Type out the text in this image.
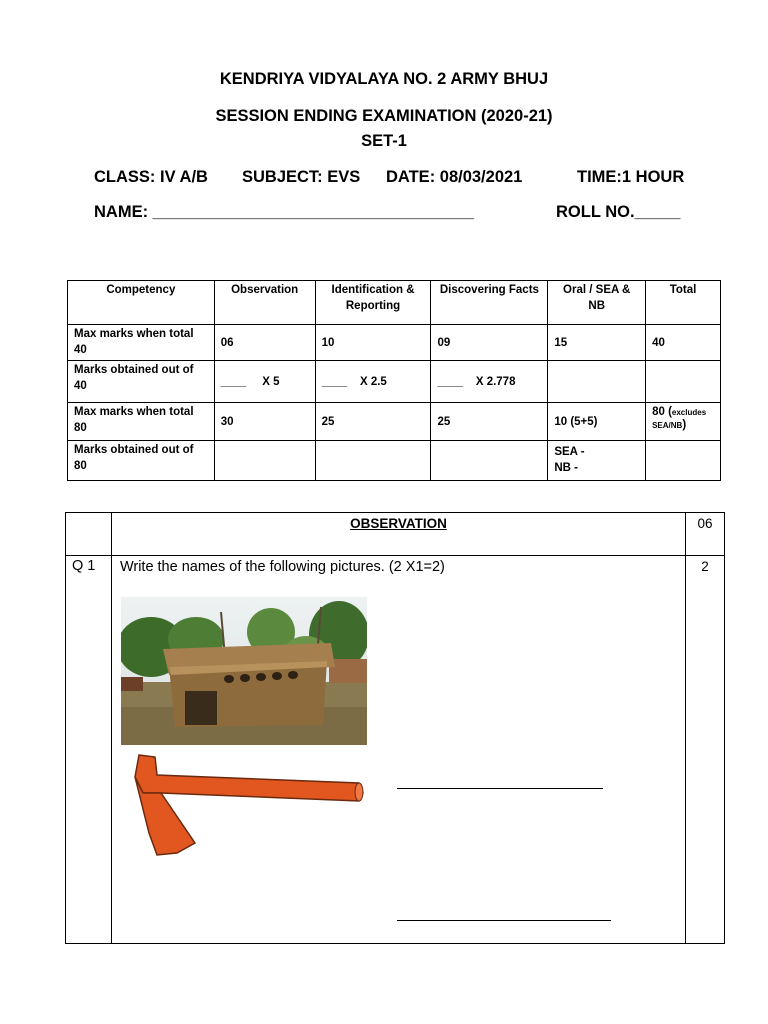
KENDRIYA VIDYALAYA NO. 2 ARMY BHUJ
SESSION ENDING EXAMINATION (2020-21)
SET-1
CLASS: IV A/B SUBJECT: EVS DATE: 08/03/2021	TIME:1 HOUR
NAME: ___________________________________	ROLL NO._____
Competency	Observation	Identification & Reporting	Discovering Facts	Oral / SEA & NB	Total
Max marks when total 40	06	10	09	15	40
Marks obtained out of 40	____     X 5	____    X 2.5	____    X 2.778		
Max marks when total 80	30	25	25	10 (5+5)	80 (excludes SEA/NB)
Marks obtained out of 80				SEA -
NB -	

	OBSERVATION	06
Q 1	Write the names of the following pictures. (2 X1=2)	2
